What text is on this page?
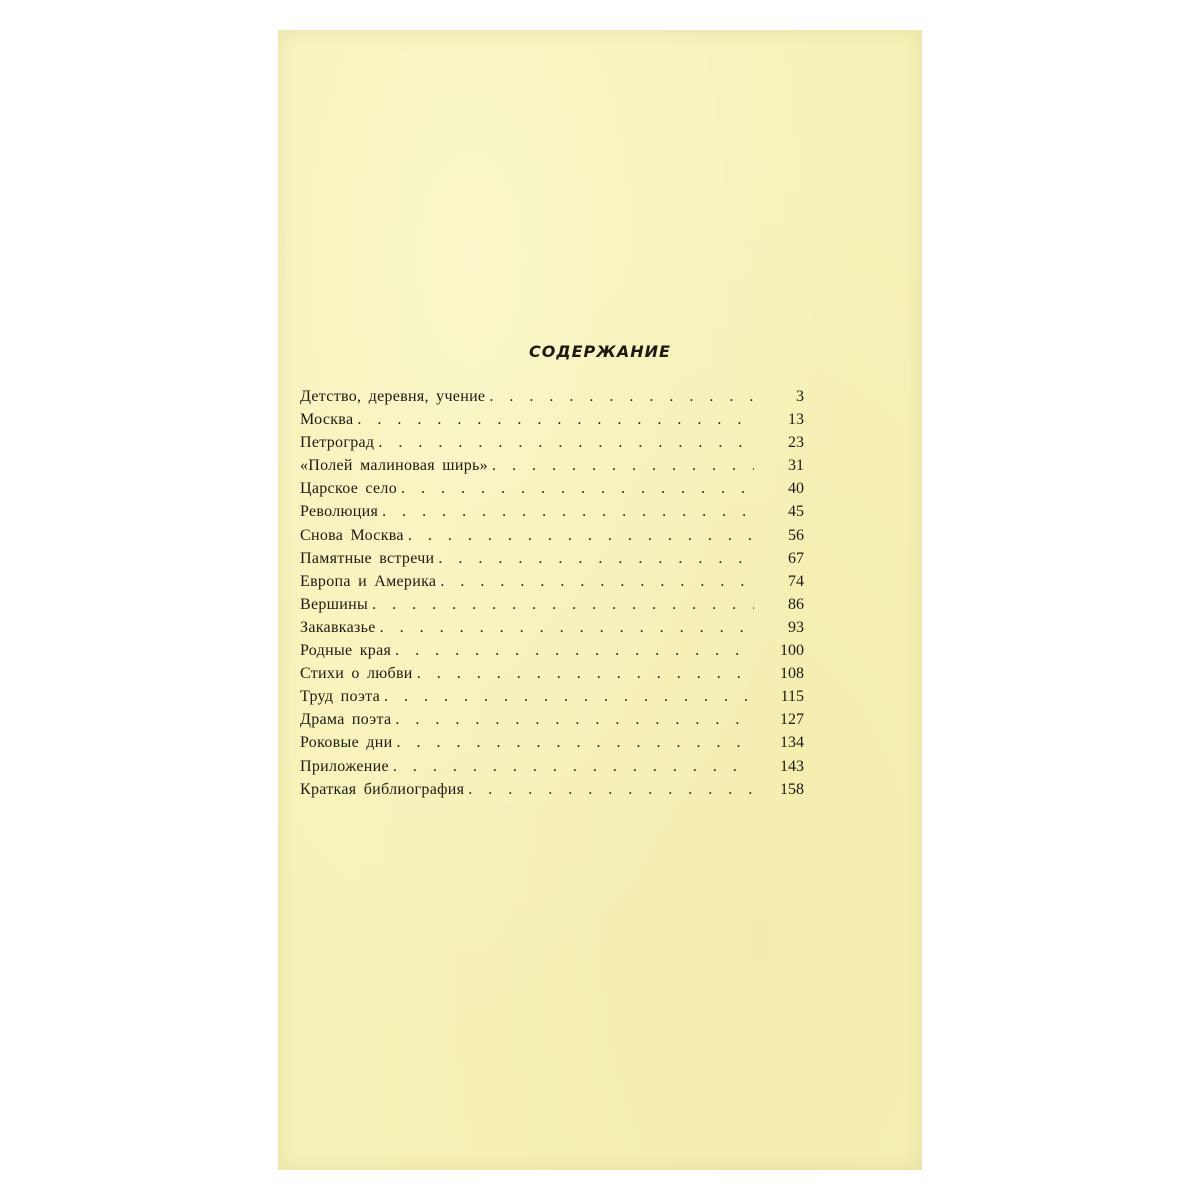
СОДЕРЖАНИЕ
Детство, деревня, учение . . .	3
Москва . . .	13
Петроград . . .	23
«Полей малиновая ширь» . . .	31
Царское село . . .	40
Революция . . .	45
Снова Москва . . .	56
Памятные встречи . . .	67
Европа и Америка . . .	74
Вершины . . .	86
Закавказье . . .	93
Родные края . . .	100
Стихи о любви . . .	108
Труд поэта . . .	115
Драма поэта . . .	127
Роковые дни . . .	134
Приложение . . .	143
Краткая библиография . . .	158
